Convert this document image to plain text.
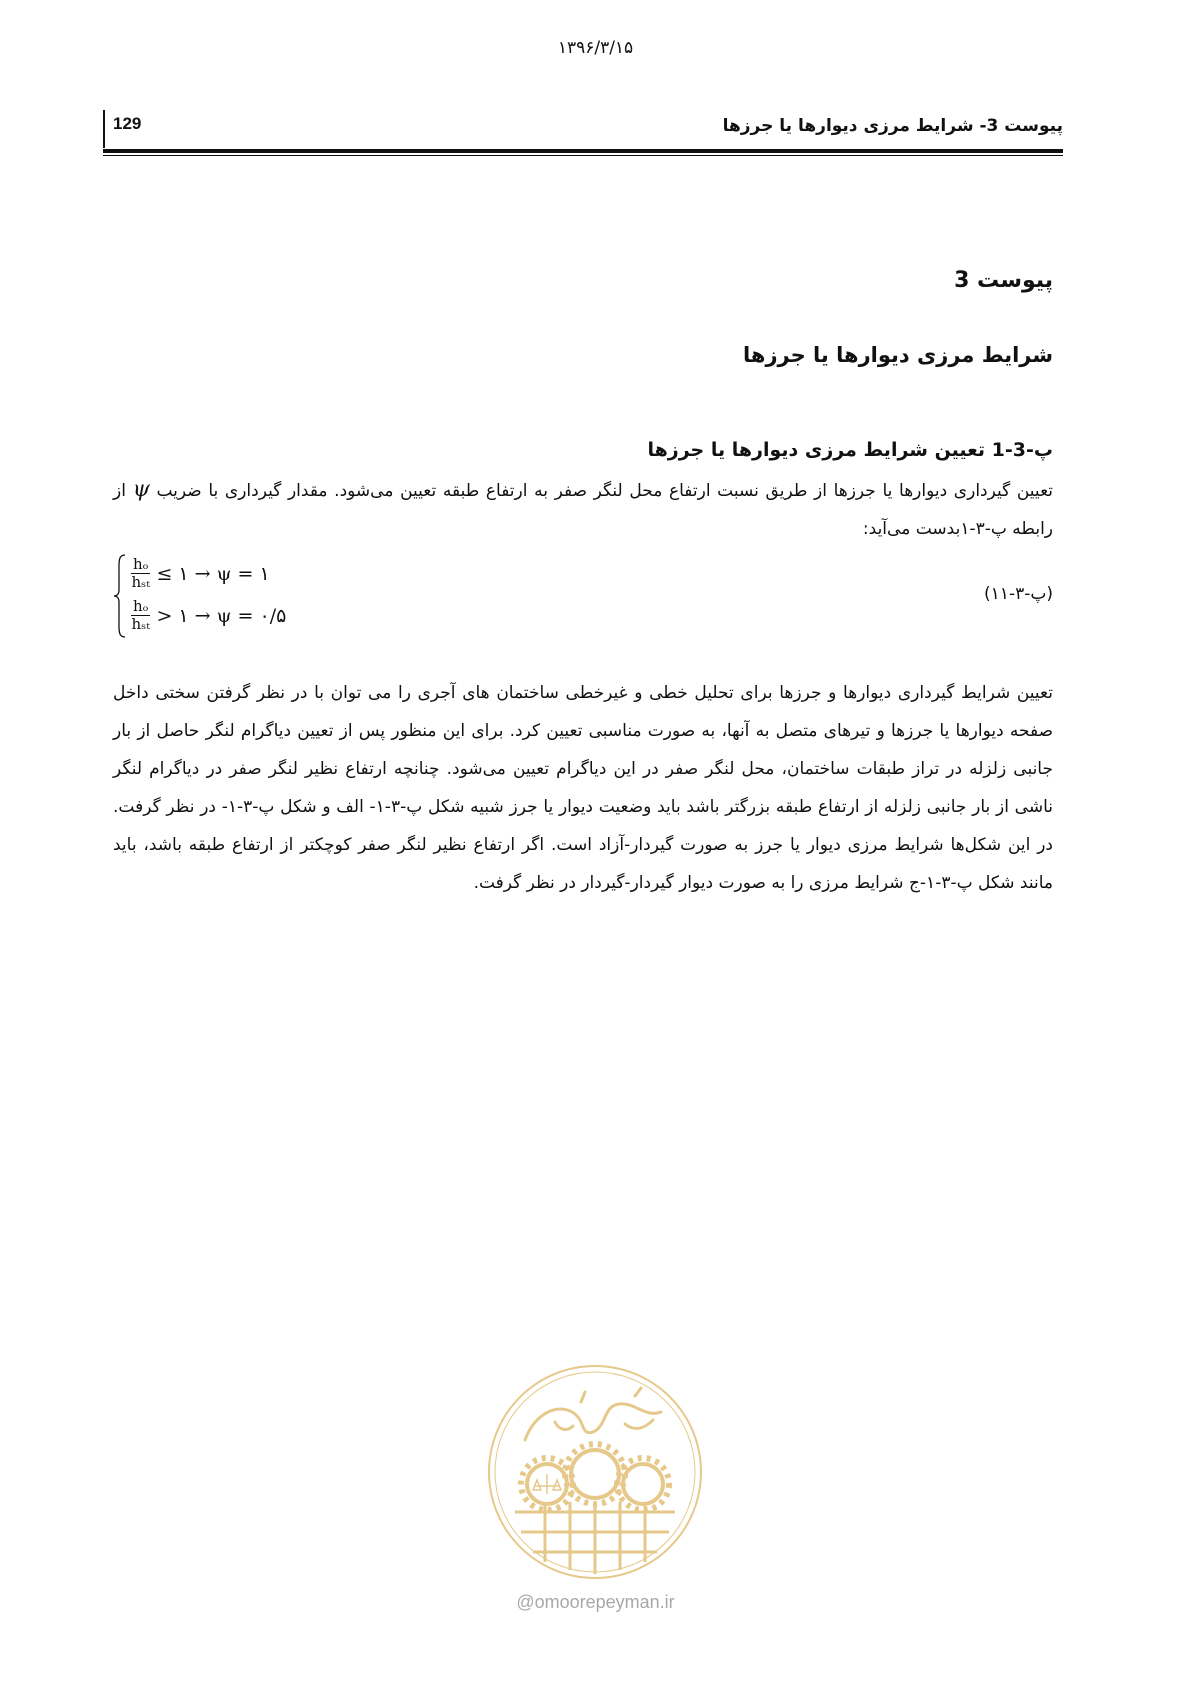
۱۳۹۶/۳/۱۵
129	پیوست 3- شرایط مرزی دیوارها یا جرزها
پیوست 3
شرایط مرزی دیوارها یا جرزها
پ-3-1 تعیین شرایط مرزی دیوارها یا جرزها

تعیین گیرداری دیوارها یا جرزها از طریق نسبت ارتفاع محل لنگر صفر به ارتفاع طبقه تعیین می‌شود. مقدار گیرداری با ضریب ψ از رابطه پ-۳-۱بدست می‌آید:

$\frac{\text{hₒ}}{\text{hₛₜ}}$ ≤ ۱ → ψ = ۱
$\frac{\text{hₒ}}{\text{hₛₜ}}$ > ۱ → ψ = ۰/۵
(پ-۳-۱۱)

تعیین شرایط گیرداری دیوارها و جرزها برای تحلیل خطی و غیرخطی ساختمان های آجری را می توان با در نظر گرفتن سختی داخل صفحه دیوارها یا جرزها و تیرهای متصل به آنها، به صورت مناسبی تعیین کرد. برای این منظور پس از تعیین دیاگرام لنگر حاصل از بار جانبی زلزله در تراز طبقات ساختمان، محل لنگر صفر در این دیاگرام تعیین می‌شود. چنانچه ارتفاع نظیر لنگر صفر در دیاگرام لنگر ناشی از بار جانبی زلزله از ارتفاع طبقه بزرگتر باشد باید وضعیت دیوار یا جرز شبیه شکل پ-۳-۱- الف و شکل پ-۳-۱- در نظر گرفت. در این شکل‌ها شرایط مرزی دیوار یا جرز به صورت گیردار-آزاد است. اگر ارتفاع نظیر لنگر صفر کوچکتر از ارتفاع طبقه باشد، باید مانند شکل پ-۳-۱-ج شرایط مرزی را به صورت دیوار گیردار-گیردار در نظر گرفت.

@omoorepeyman.ir
